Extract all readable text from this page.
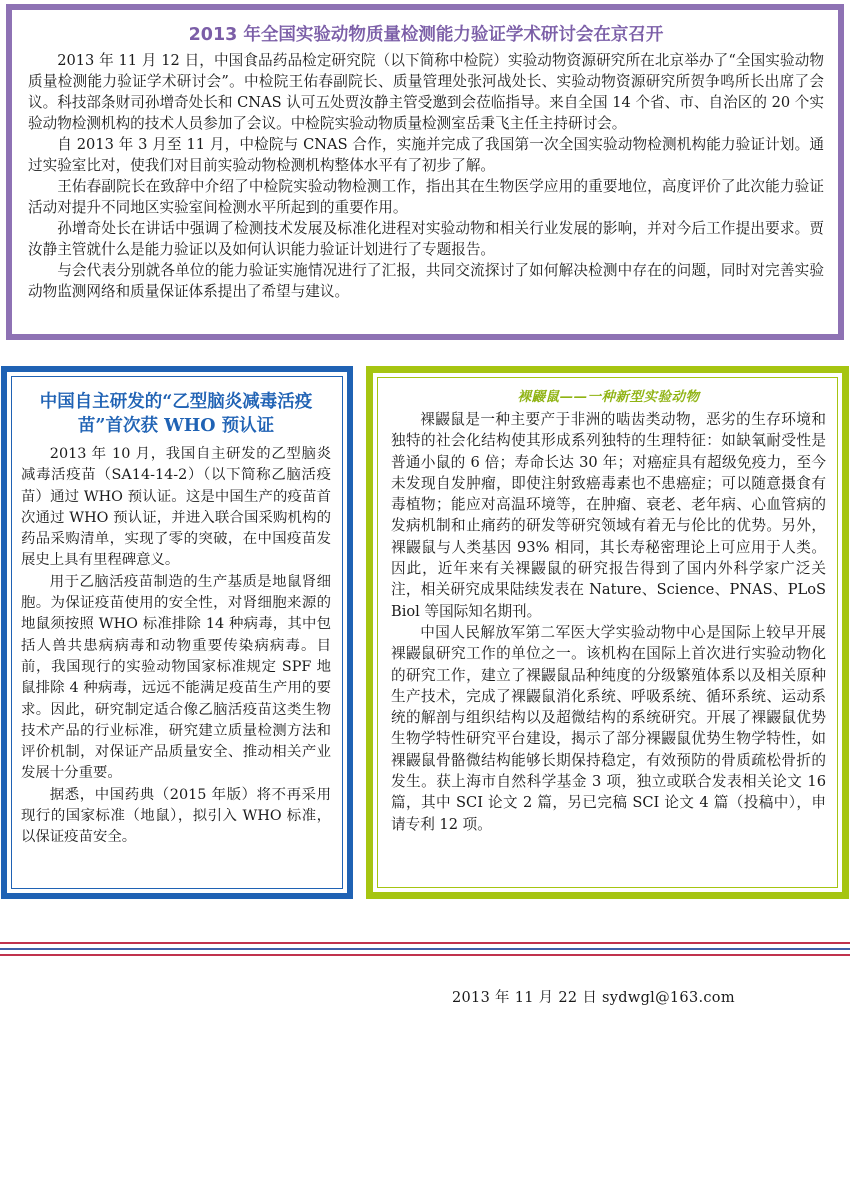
2013 年全国实验动物质量检测能力验证学术研讨会在京召开

2013 年 11 月 12 日，中国食品药品检定研究院（以下简称中检院）实验动物资源研究所在北京举办了“全国实验动物质量检测能力验证学术研讨会”。中检院王佑春副院长、质量管理处张河战处长、实验动物资源研究所贺争鸣所长出席了会议。科技部条财司孙增奇处长和 CNAS 认可五处贾汝静主管受邀到会莅临指导。来自全国 14 个省、市、自治区的 20 个实验动物检测机构的技术人员参加了会议。中检院实验动物质量检测室岳秉飞主任主持研讨会。

自 2013 年 3 月至 11 月，中检院与 CNAS 合作，实施并完成了我国第一次全国实验动物检测机构能力验证计划。通过实验室比对，使我们对目前实验动物检测机构整体水平有了初步了解。

王佑春副院长在致辞中介绍了中检院实验动物检测工作，指出其在生物医学应用的重要地位，高度评价了此次能力验证活动对提升不同地区实验室间检测水平所起到的重要作用。

孙增奇处长在讲话中强调了检测技术发展及标准化进程对实验动物和相关行业发展的影响，并对今后工作提出要求。贾汝静主管就什么是能力验证以及如何认识能力验证计划进行了专题报告。

与会代表分别就各单位的能力验证实施情况进行了汇报，共同交流探讨了如何解决检测中存在的问题，同时对完善实验动物监测网络和质量保证体系提出了希望与建议。

中国自主研发的“乙型脑炎减毒活疫苗”首次获 WHO 预认证

2013 年 10 月，我国自主研发的乙型脑炎减毒活疫苗（SA14-14-2）（以下简称乙脑活疫苗）通过 WHO 预认证。这是中国生产的疫苗首次通过 WHO 预认证，并进入联合国采购机构的药品采购清单，实现了零的突破，在中国疫苗发展史上具有里程碑意义。

用于乙脑活疫苗制造的生产基质是地鼠肾细胞。为保证疫苗使用的安全性，对肾细胞来源的地鼠须按照 WHO 标准排除 14 种病毒，其中包括人兽共患病病毒和动物重要传染病病毒。目前，我国现行的实验动物国家标准规定 SPF 地鼠排除 4 种病毒，远远不能满足疫苗生产用的要求。因此，研究制定适合像乙脑活疫苗这类生物技术产品的行业标准，研究建立质量检测方法和评价机制，对保证产品质量安全、推动相关产业发展十分重要。

据悉，中国药典（2015 年版）将不再采用现行的国家标准（地鼠），拟引入 WHO 标准，以保证疫苗安全。

裸鼹鼠——一种新型实验动物

裸鼹鼠是一种主要产于非洲的啮齿类动物，恶劣的生存环境和独特的社会化结构使其形成系列独特的生理特征：如缺氧耐受性是普通小鼠的 6 倍；寿命长达 30 年；对癌症具有超级免疫力，至今未发现自发肿瘤，即使注射致癌毒素也不患癌症；可以随意摄食有毒植物；能应对高温环境等，在肿瘤、衰老、老年病、心血管病的发病机制和止痛药的研发等研究领域有着无与伦比的优势。另外，裸鼹鼠与人类基因 93% 相同，其长寿秘密理论上可应用于人类。因此，近年来有关裸鼹鼠的研究报告得到了国内外科学家广泛关注，相关研究成果陆续发表在 Nature、Science、PNAS、PLoS Biol 等国际知名期刊。

中国人民解放军第二军医大学实验动物中心是国际上较早开展裸鼹鼠研究工作的单位之一。该机构在国际上首次进行实验动物化的研究工作，建立了裸鼹鼠品种纯度的分级繁殖体系以及相关原种生产技术，完成了裸鼹鼠消化系统、呼吸系统、循环系统、运动系统的解剖与组织结构以及超微结构的系统研究。开展了裸鼹鼠优势生物学特性研究平台建设，揭示了部分裸鼹鼠优势生物学特性，如裸鼹鼠骨骼微结构能够长期保持稳定，有效预防的骨质疏松骨折的发生。获上海市自然科学基金 3 项，独立或联合发表相关论文 16 篇，其中 SCI 论文 2 篇，另已完稿 SCI 论文 4 篇（投稿中），申请专利 12 项。

2013 年 11 月 22 日 sydwgl@163.com
